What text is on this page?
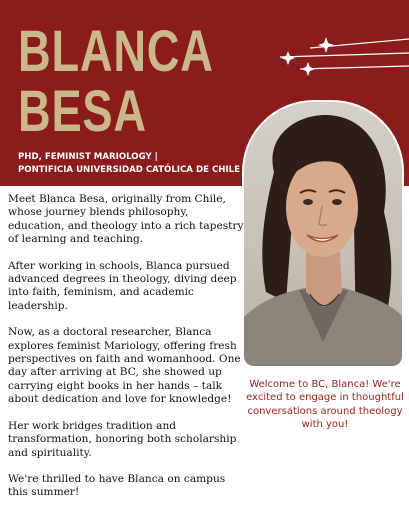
BLANCA
BESA
PHD, FEMINIST MARIOLOGY |
PONTIFICIA UNIVERSIDAD CATÓLICA DE CHILE

Meet Blanca Besa, originally from Chile, whose journey blends philosophy, education, and theology into a rich tapestry of learning and teaching.

After working in schools, Blanca pursued advanced degrees in theology, diving deep into faith, feminism, and academic leadership.

Now, as a doctoral researcher, Blanca explores feminist Mariology, offering fresh perspectives on faith and womanhood. One day after arriving at BC, she showed up carrying eight books in her hands – talk about dedication and love for knowledge!

Her work bridges tradition and transformation, honoring both scholarship and spirituality.

We're thrilled to have Blanca on campus this summer!

Welcome to BC, Blanca! We're excited to engage in thoughtful conversations around theology with you!
